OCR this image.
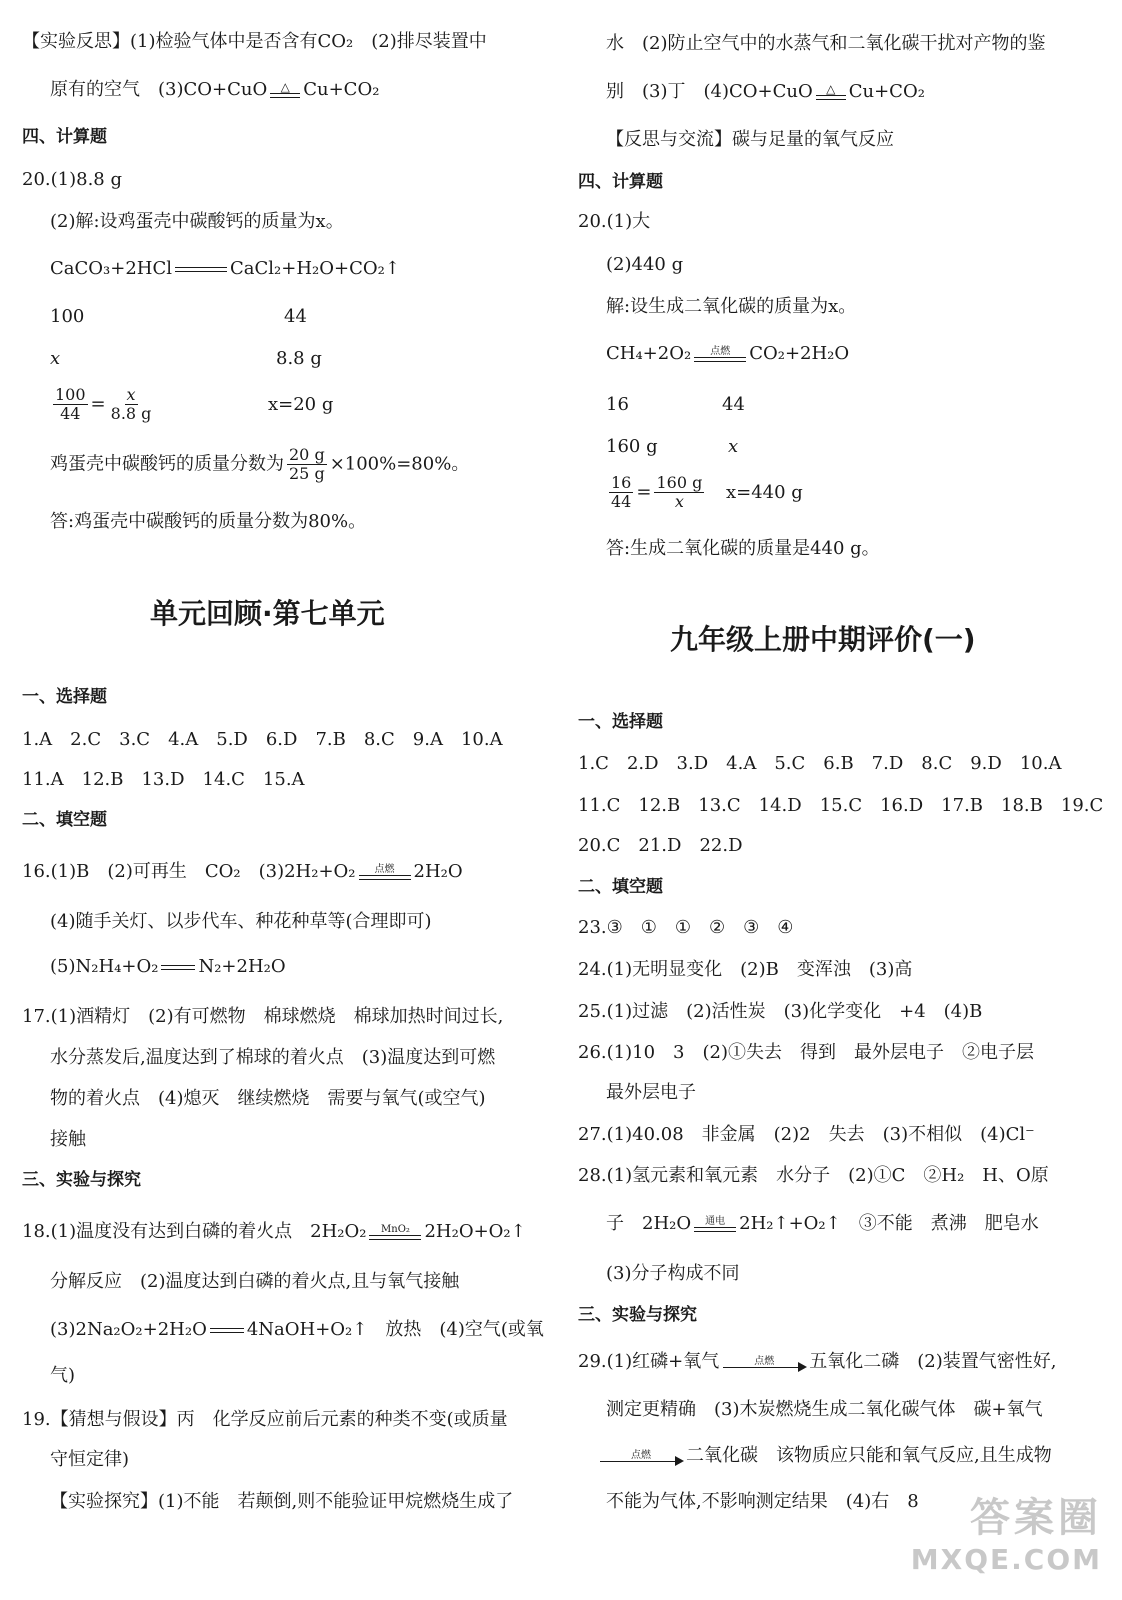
【实验反思】(1)检验气体中是否含有CO₂　(2)排尽装置中
原有的空气　(3)CO+CuO △ Cu+CO₂
四、计算题
20.(1)8.8 g
(2)解:设鸡蛋壳中碳酸钙的质量为x。
CaCO₃+2HCl	CaCl₂+H₂O+CO₂↑
100	44
x	8.8 g
$\frac{100}{44} = \frac{x}{8.8 g}$	x=20 g
鸡蛋壳中碳酸钙的质量分数为 $\frac{20 g}{25 g} \times 100\%=80\%$。
答:鸡蛋壳中碳酸钙的质量分数为80%。
单元回顾·第七单元
一、选择题
1.A　2.C　3.C　4.A　5.D　6.D　7.B　8.C　9.A　10.A
11.A　12.B　13.D　14.C　15.A
二、填空题
16.(1)B　(2)可再生　CO₂　(3)2H₂+O₂ 点燃 2H₂O
(4)随手关灯、以步代车、种花种草等(合理即可)
(5)N₂H₄+O₂ N₂+2H₂O
17.(1)酒精灯　(2)有可燃物　棉球燃烧　棉球加热时间过长,
水分蒸发后,温度达到了棉球的着火点　(3)温度达到可燃
物的着火点　(4)熄灭　继续燃烧　需要与氧气(或空气)
接触
三、实验与探究
18.(1)温度没有达到白磷的着火点　2H₂O₂ MnO₂ 2H₂O+O₂↑
分解反应　(2)温度达到白磷的着火点,且与氧气接触
(3)2Na₂O₂+2H₂O 4NaOH+O₂↑　放热　(4)空气(或氧
气)
19.【猜想与假设】丙　化学反应前后元素的种类不变(或质量
守恒定律)
【实验探究】(1)不能　若颠倒,则不能验证甲烷燃烧生成了
水　(2)防止空气中的水蒸气和二氧化碳干扰对产物的鉴
别　(3)丁　(4)CO+CuO △ Cu+CO₂
【反思与交流】碳与足量的氧气反应
四、计算题
20.(1)大
(2)440 g
解:设生成二氧化碳的质量为x。
CH₄+2O₂ 点燃 CO₂+2H₂O
16	44
160 g	x
$\frac{16}{44} = \frac{160 g}{x} x=440$ g
答:生成二氧化碳的质量是440 g。
九年级上册中期评价(一)
一、选择题
1.C　2.D　3.D　4.A　5.C　6.B　7.D　8.C　9.D　10.A
11.C　12.B　13.C　14.D　15.C　16.D　17.B　18.B　19.C
20.C　21.D　22.D
二、填空题
23.③　①　①　②　③　④
24.(1)无明显变化　(2)B　变浑浊　(3)高
25.(1)过滤　(2)活性炭　(3)化学变化　+4　(4)B
26.(1)10　3　(2)①失去　得到　最外层电子　②电子层
最外层电子
27.(1)40.08　非金属　(2)2　失去　(3)不相似　(4)Cl⁻
28.(1)氢元素和氧元素　水分子　(2)①C　②H₂　H、O原
子　2H₂O 通电 2H₂↑+O₂↑　③不能　煮沸　肥皂水
(3)分子构成不同
三、实验与探究
29.(1)红磷+氧气	点燃 五氧化二磷　(2)装置气密性好,
测定更精确　(3)木炭燃烧生成二氧化碳气体　碳+氧气
点燃 二氧化碳　该物质应只能和氧气反应,且生成物
不能为气体,不影响测定结果　(4)右　8	答案圈
MXQE.COM
